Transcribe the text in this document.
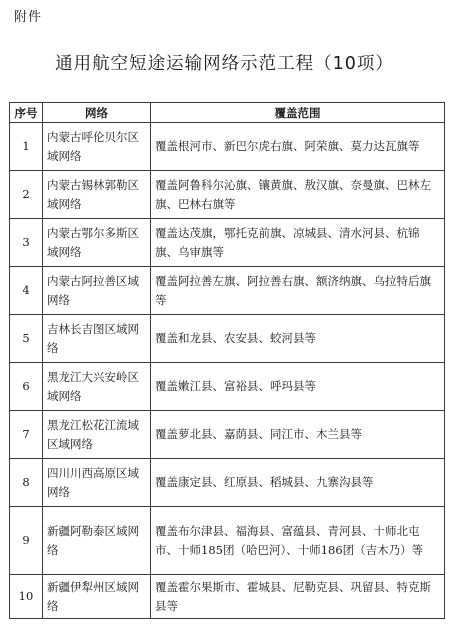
附件
通用航空短途运输网络示范工程（10项）
序号	网络	覆盖范围
1	内蒙古呼伦贝尔区域网络	覆盖根河市、新巴尔虎右旗、阿荣旗、莫力达瓦旗等
2	内蒙古锡林郭勒区域网络	覆盖阿鲁科尔沁旗、镶黄旗、敖汉旗、奈曼旗、巴林左旗、巴林右旗等
3	内蒙古鄂尔多斯区域网络	覆盖达茂旗，鄂托克前旗、凉城县、清水河县、杭锦旗、乌审旗等
4	内蒙古阿拉善区域网络	覆盖阿拉善左旗、阿拉善右旗、额济纳旗、乌拉特后旗等
5	吉林长吉图区域网络	覆盖和龙县、农安县、蛟河县等
6	黑龙江大兴安岭区域网络	覆盖嫩江县、富裕县、呼玛县等
7	黑龙江松花江流域区域网络	覆盖萝北县、嘉荫县、同江市、木兰县等
8	四川川西高原区域网络	覆盖康定县、红原县、稻城县、九寨沟县等
9	新疆阿勒泰区域网络	覆盖布尔津县、福海县、富蕴县、青河县、十师北屯市、十师185团（哈巴河）、十师186团（吉木乃）等
10	新疆伊犁州区域网络	覆盖霍尔果斯市、霍城县、尼勒克县、巩留县、特克斯县等
